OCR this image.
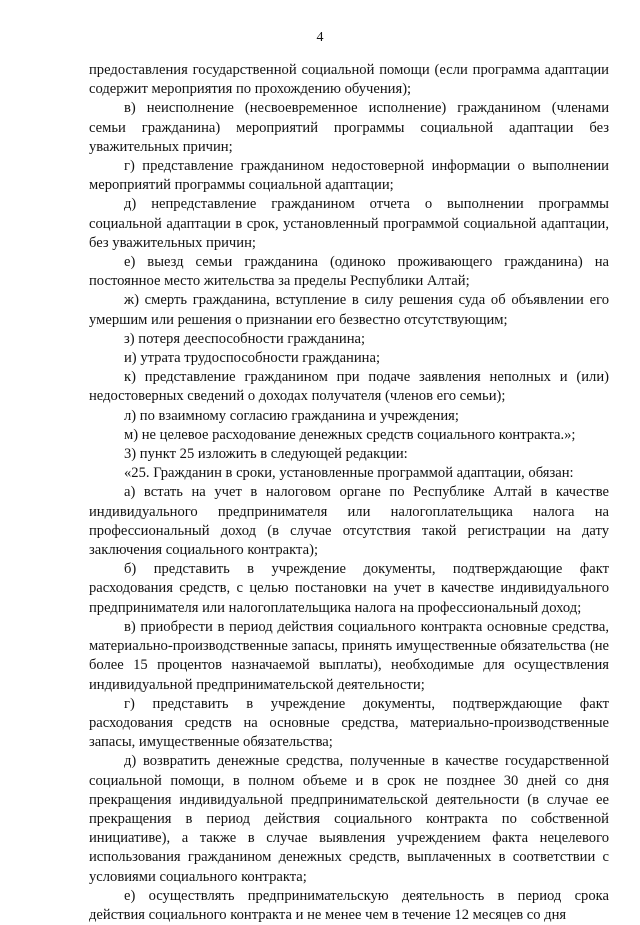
4

предоставления государственной социальной помощи (если программа адаптации содержит мероприятия по прохождению обучения);

в) неисполнение (несвоевременное исполнение) гражданином (членами семьи гражданина) мероприятий программы социальной адаптации без уважительных причин;

г) представление гражданином недостоверной информации о выполнении мероприятий программы социальной адаптации;

д) непредставление гражданином отчета о выполнении программы социальной адаптации в срок, установленный программой социальной адаптации, без уважительных причин;

е) выезд семьи гражданина (одиноко проживающего гражданина) на постоянное место жительства за пределы Республики Алтай;

ж) смерть гражданина, вступление в силу решения суда об объявлении его умершим или решения о признании его безвестно отсутствующим;

з) потеря дееспособности гражданина;

и) утрата трудоспособности гражданина;

к) представление гражданином при подаче заявления неполных и (или) недостоверных сведений о доходах получателя (членов его семьи);

л) по взаимному согласию гражданина и учреждения;

м) не целевое расходование денежных средств социального контракта.»;

3) пункт 25 изложить в следующей редакции:

«25. Гражданин в сроки, установленные программой адаптации, обязан:

а) встать на учет в налоговом органе по Республике Алтай в качестве индивидуального предпринимателя или налогоплательщика налога на профессиональный доход (в случае отсутствия такой регистрации на дату заключения социального контракта);

б) представить в учреждение документы, подтверждающие факт расходования средств, с целью постановки на учет в качестве индивидуального предпринимателя или налогоплательщика налога на профессиональный доход;

в) приобрести в период действия социального контракта основные средства, материально-производственные запасы, принять имущественные обязательства (не более 15 процентов назначаемой выплаты), необходимые для осуществления индивидуальной предпринимательской деятельности;

г) представить в учреждение документы, подтверждающие факт расходования средств на основные средства, материально-производственные запасы, имущественные обязательства;

д) возвратить денежные средства, полученные в качестве государственной социальной помощи, в полном объеме и в срок не позднее 30 дней со дня прекращения индивидуальной предпринимательской деятельности (в случае ее прекращения в период действия социального контракта по собственной инициативе), а также в случае выявления учреждением факта нецелевого использования гражданином денежных средств, выплаченных в соответствии с условиями социального контракта;

е) осуществлять предпринимательскую деятельность в период срока действия социального контракта и не менее чем в течение 12 месяцев со дня
